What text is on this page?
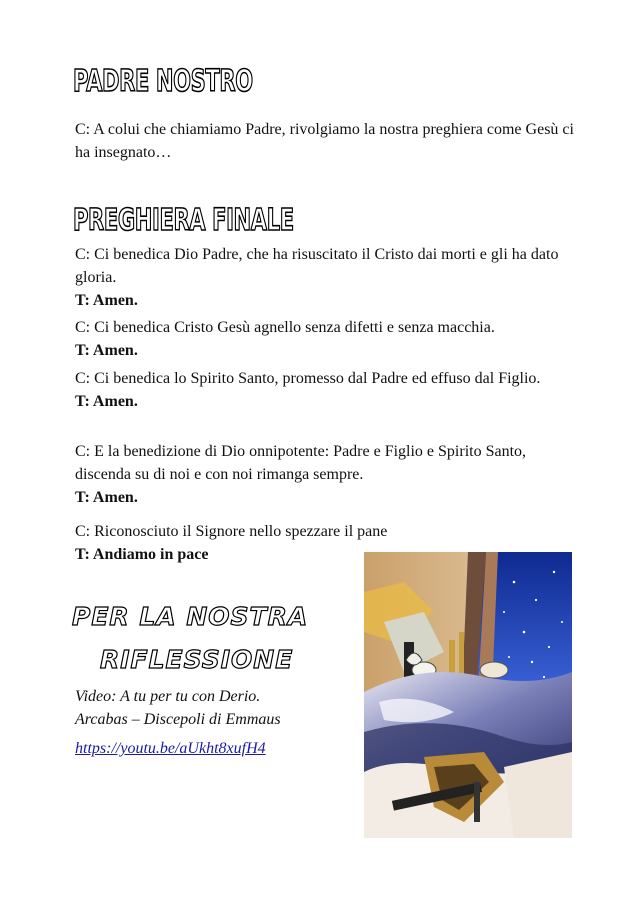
PADRE NOSTRO

C: A colui che chiamiamo Padre, rivolgiamo la nostra preghiera come Gesù ci ha insegnato…

PREGHIERA FINALE

C: Ci benedica Dio Padre, che ha risuscitato il Cristo dai morti e gli ha dato gloria.
T: Amen.

C: Ci benedica Cristo Gesù agnello senza difetti e senza macchia.
T: Amen.

C: Ci benedica lo Spirito Santo, promesso dal Padre ed effuso dal Figlio.
T: Amen.

C: E la benedizione di Dio onnipotente: Padre e Figlio e Spirito Santo, discenda su di noi e con noi rimanga sempre.
T: Amen.

C: Riconosciuto il Signore nello spezzare il pane

T: Andiamo in pace

PER LA NOSTRA
RIFLESSIONE

Video: A tu per tu con Derio.

Arcabas – Discepoli di Emmaus

https://youtu.be/aUkht8xufH4
